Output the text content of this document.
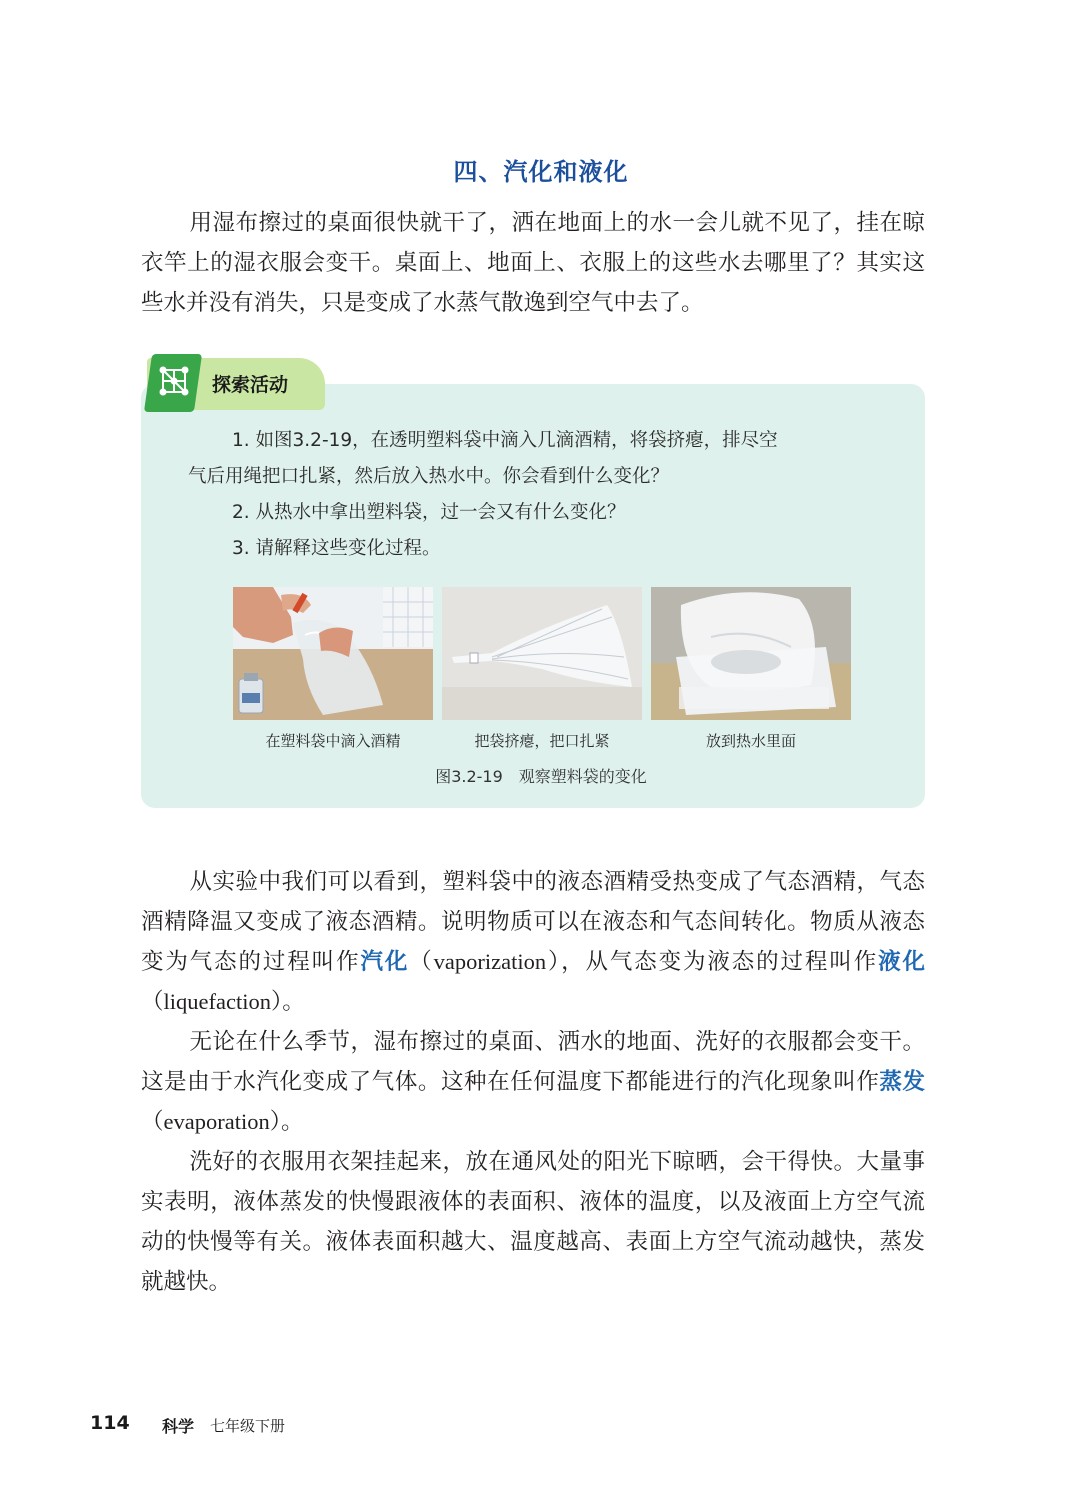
四、汽化和液化

用湿布擦过的桌面很快就干了，洒在地面上的水一会儿就不见了，挂在晾衣竿上的湿衣服会变干。桌面上、地面上、衣服上的这些水去哪里了？其实这些水并没有消失，只是变成了水蒸气散逸到空气中去了。

探索活动
1. 如图3.2-19，在透明塑料袋中滴入几滴酒精，将袋挤瘪，排尽空
气后用绳把口扎紧，然后放入热水中。你会看到什么变化？
2. 从热水中拿出塑料袋，过一会又有什么变化？
3. 请解释这些变化过程。
在塑料袋中滴入酒精	把袋挤瘪，把口扎紧	放到热水里面
图3.2-19　观察塑料袋的变化

从实验中我们可以看到，塑料袋中的液态酒精受热变成了气态酒精，气态酒精降温又变成了液态酒精。说明物质可以在液态和气态间转化。物质从液态变为气态的过程叫作汽化（vaporization），从气态变为液态的过程叫作液化（liquefaction）。

无论在什么季节，湿布擦过的桌面、洒水的地面、洗好的衣服都会变干。这是由于水汽化变成了气体。这种在任何温度下都能进行的汽化现象叫作蒸发（evaporation）。

洗好的衣服用衣架挂起来，放在通风处的阳光下晾晒，会干得快。大量事实表明，液体蒸发的快慢跟液体的表面积、液体的温度，以及液面上方空气流动的快慢等有关。液体表面积越大、温度越高、表面上方空气流动越快，蒸发就越快。

114 科学 七年级下册
